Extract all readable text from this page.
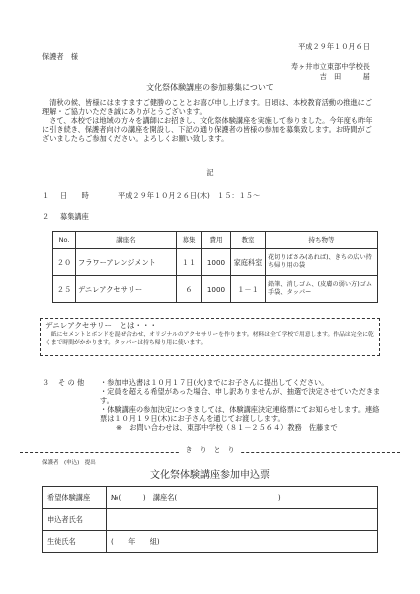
平成２９年１０月６日
保護者　様
寿ヶ井市立東部中学校長
吉　田　　　届
文化祭体験講座の参加募集について
　清秋の候、皆様にはますますご健勝のこととお喜び申し上げます。日頃は、本校教育活動の推進にご理解・ご協力いただき誠にありがとうございます。
　さて、本校では地域の方々を講師にお招きし、文化祭体験講座を実施して参りました。今年度も昨年に引き続き、保護者向けの講座を開設し、下記の通り保護者の皆様の参加を募集致します。お時間がございましたらご参加ください。よろしくお願い致します。
記
１ 日　　時	平成２９年１０月２６日(木)　１５：１５～
２ 募集講座
No.	講座名	募集	費用	教室	持ち物等
２０	フラワーアレンジメント	１１	1000	家庭科室	花切りばさみ(あれば)、きちの広い持ち帰り用の袋
２５	デニレアクセサリー	６	1000	１－１	鉛筆、消しゴム、(皮膚の弱い方)ゴム手袋、タッパー
デニレアクセサリー　とは・・・
　紙にセメントとボンドを混ぜ合わせ、オリジナルのアクセサリーを作ります。材料は全て学校で用意します。作品は完全に乾くまで時間がかかります。タッパーは持ち帰り用に使います。
３ そ の 他 ・参加申込書は１０月１７日(火)までにお子さんに提出してください。
・定員を超える希望があった場合、申し訳ありませんが、抽選で決定させていただきます。
・体験講座の参加決定につきましては、体験講座決定連絡票にてお知らせします。連絡票は１０月１９日(木)にお子さんを通じてお渡しします。
※　お問い合わせは、東部中学校（８１－２５６４）教務　佐藤まで
き　り　と　り
保護者　(申込)　提出
文化祭体験講座参加申込票
希望体験講座	№(　　　)　講座名(　　　　　　　　　　　　　　)
申込者氏名	
生徒氏名	(　　年　　組)
